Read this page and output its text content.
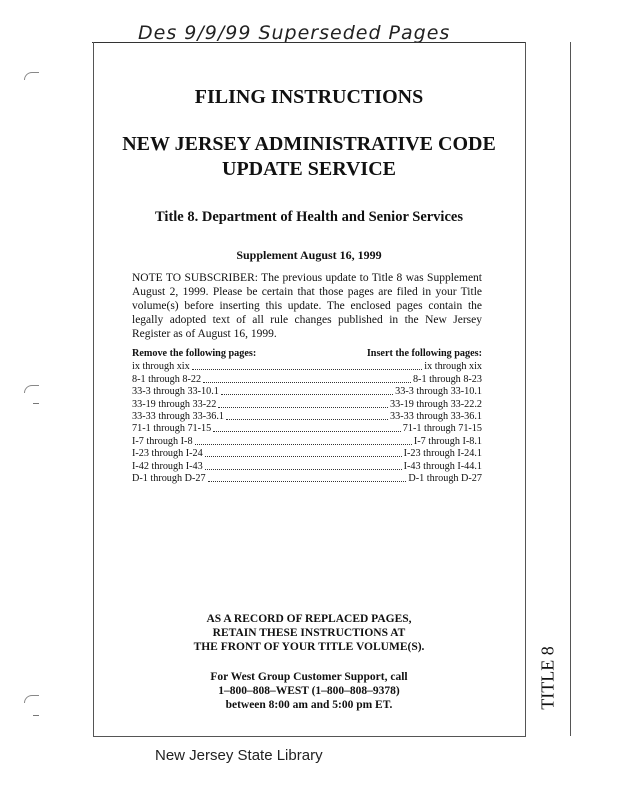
Des 9/9/99 Superseded Pages
TITLE 8
FILING INSTRUCTIONS
NEW JERSEY ADMINISTRATIVE CODE
UPDATE SERVICE
Title 8. Department of Health and Senior Services
Supplement August 16, 1999
NOTE TO SUBSCRIBER: The previous update to Title 8 was Supplement August 2, 1999. Please be certain that those pages are filed in your Title volume(s) before inserting this update. The enclosed pages contain the legally adopted text of all rule changes published in the New Jersey Register as of August 16, 1999.
Remove the following pages:	Insert the following pages:
ix through xix	ix through xix
8-1 through 8-22	8-1 through 8-23
33-3 through 33-10.1	33-3 through 33-10.1
33-19 through 33-22	33-19 through 33-22.2
33-33 through 33-36.1	33-33 through 33-36.1
71-1 through 71-15	71-1 through 71-15
I-7 through I-8	I-7 through I-8.1
I-23 through I-24	I-23 through I-24.1
I-42 through I-43	I-43 through I-44.1
D-1 through D-27	D-1 through D-27
AS A RECORD OF REPLACED PAGES,
RETAIN THESE INSTRUCTIONS AT
THE FRONT OF YOUR TITLE VOLUME(S).
For West Group Customer Support, call
1–800–808–WEST (1–800–808–9378)
between 8:00 am and 5:00 pm ET.
New Jersey State Library
